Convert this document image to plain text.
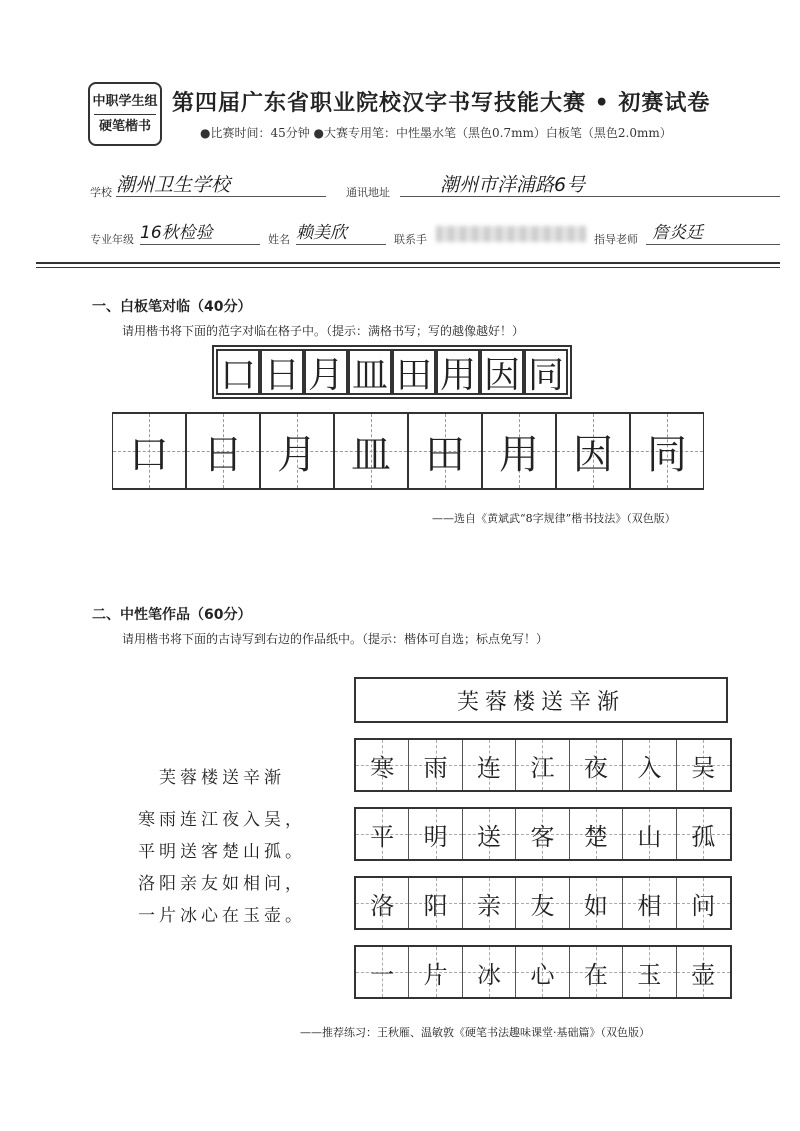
中职学生组
硬笔楷书
第四届广东省职业院校汉字书写技能大赛 • 初赛试卷
●比赛时间：45分钟 ●大赛专用笔：中性墨水笔（黑色0.7mm）白板笔（黑色2.0mm）
学校 潮州卫生学校	通讯地址	潮州市洋浦路6号
专业年级 16秋检验	姓名 赖美欣	联系手	指导老师 詹炎廷
一、白板笔对临（40分）
请用楷书将下面的范字对临在格子中。（提示：满格书写；写的越像越好！）
口 日 月 皿 田 用 因 同
口 日 月 皿 田 用 因 同
——选自《黄斌武“8字规律”楷书技法》（双色版）
二、中性笔作品（60分）
请用楷书将下面的古诗写到右边的作品纸中。（提示：楷体可自选；标点免写！）
芙蓉楼送辛渐
寒雨连江夜入吴，
平明送客楚山孤。
洛阳亲友如相问，
一片冰心在玉壶。
芙蓉楼送辛渐
寒 雨 连 江 夜 入 吴
平 明 送 客 楚 山 孤
洛 阳 亲 友 如 相 问
一 片 冰 心 在 玉 壶
——推荐练习：王秋雁、温敏敦《硬笔书法趣味课堂·基础篇》（双色版）
